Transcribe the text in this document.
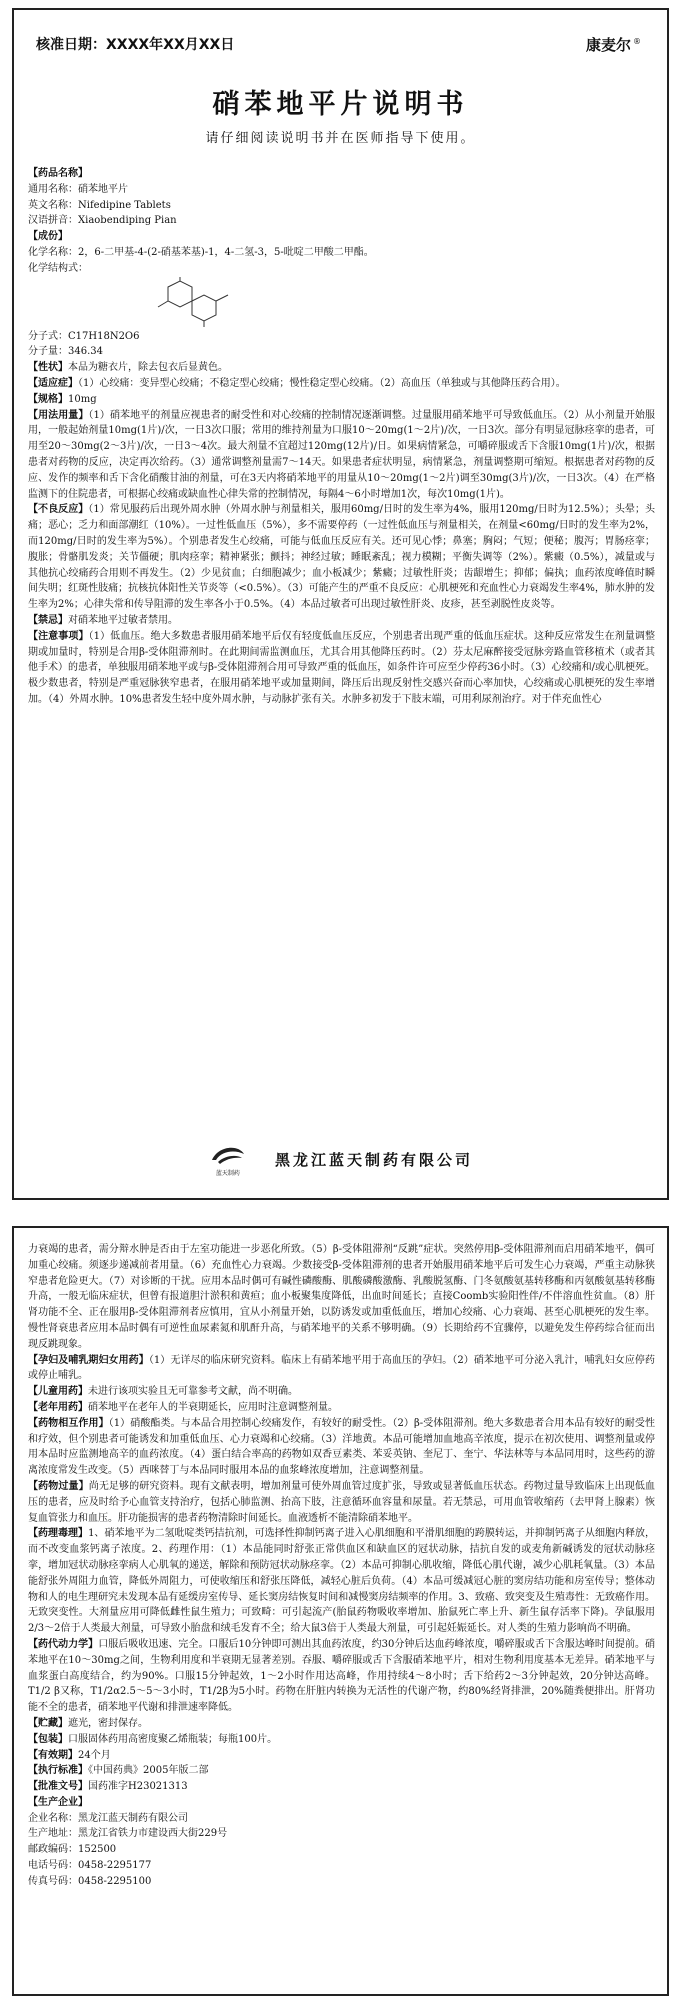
核准日期：XXXX年XX月XX日	康麦尔 ®
硝苯地平片说明书
请仔细阅读说明书并在医师指导下使用。

【药品名称】

通用名称：硝苯地平片

英文名称：Nifedipine Tablets

汉语拼音：Xiaobendiping Pian

【成份】

化学名称：2，6-二甲基-4-(2-硝基苯基)-1，4-二氢-3，5-吡啶二甲酸二甲酯。

化学结构式：

分子式：C17H18N2O6

分子量：346.34

【性状】本品为糖衣片，除去包衣后显黄色。

【适应症】（1）心绞痛：变异型心绞痛；不稳定型心绞痛；慢性稳定型心绞痛。（2）高血压（单独或与其他降压药合用）。

【规格】10mg

【用法用量】（1）硝苯地平的剂量应视患者的耐受性和对心绞痛的控制情况逐渐调整。过量服用硝苯地平可导致低血压。（2）从小剂量开始服用，一般起始剂量10mg(1片)/次，一日3次口服；常用的维持剂量为口服10～20mg(1～2片)/次，一日3次。部分有明显冠脉痉挛的患者，可用至20～30mg(2～3片)/次，一日3～4次。最大剂量不宜超过120mg(12片)/日。如果病情紧急，可嚼碎服或舌下含服10mg(1片)/次，根据患者对药物的反应，决定再次给药。（3）通常调整剂量需7～14天。如果患者症状明显，病情紧急，剂量调整期可缩短。根据患者对药物的反应、发作的频率和舌下含化硝酸甘油的剂量，可在3天内将硝苯地平的用量从10～20mg(1～2片)调至30mg(3片)/次，一日3次。（4）在严格监测下的住院患者，可根据心绞痛或缺血性心律失常的控制情况，每隔4～6小时增加1次，每次10mg(1片)。

【不良反应】（1）常见服药后出现外周水肿（外周水肿与剂量相关，服用60mg/日时的发生率为4%，服用120mg/日时为12.5%）；头晕；头痛；恶心；乏力和面部潮红（10%）。一过性低血压（5%），多不需要停药（一过性低血压与剂量相关，在剂量<60mg/日时的发生率为2%，而120mg/日时的发生率为5%）。个别患者发生心绞痛，可能与低血压反应有关。还可见心悸；鼻塞；胸闷；气短；便秘；腹泻；胃肠痉挛；腹胀；骨骼肌发炎；关节僵硬；肌肉痉挛；精神紧张；颤抖；神经过敏；睡眠紊乱；视力模糊；平衡失调等（2%）。紫癜（0.5%），减量或与其他抗心绞痛药合用则不再发生。（2）少见贫血；白细胞减少；血小板减少；紫癜；过敏性肝炎；齿龈增生；抑郁；偏执；血药浓度峰值时瞬间失明；红斑性肢痛；抗核抗体阳性关节炎等（<0.5%）。（3）可能产生的严重不良反应：心肌梗死和充血性心力衰竭发生率4%，肺水肿的发生率为2%；心律失常和传导阻滞的发生率各小于0.5%。（4）本品过敏者可出现过敏性肝炎、皮疹，甚至剥脱性皮炎等。

【禁忌】对硝苯地平过敏者禁用。

【注意事项】（1）低血压。绝大多数患者服用硝苯地平后仅有轻度低血压反应，个别患者出现严重的低血压症状。这种反应常发生在剂量调整期或加量时，特别是合用β-受体阻滞剂时。在此期间需监测血压，尤其合用其他降压药时。（2）芬太尼麻醉接受冠脉旁路血管移植术（或者其他手术）的患者，单独服用硝苯地平或与β-受体阻滞剂合用可导致严重的低血压，如条件许可应至少停药36小时。（3）心绞痛和/或心肌梗死。极少数患者，特别是严重冠脉狭窄患者，在服用硝苯地平或加量期间，降压后出现反射性交感兴奋而心率加快，心绞痛或心肌梗死的发生率增加。（4）外周水肿。10%患者发生轻中度外周水肿，与动脉扩张有关。水肿多初发于下肢末端，可用利尿剂治疗。对于伴充血性心

蓝天制药
黑龙江蓝天制药有限公司

力衰竭的患者，需分辩水肿是否由于左室功能进一步恶化所致。（5）β-受体阻滞剂“反跳”症状。突然停用β-受体阻滞剂而启用硝苯地平，偶可加重心绞痛。须逐步递减前者用量。（6）充血性心力衰竭。少数接受β-受体阻滞剂的患者开始服用硝苯地平后可发生心力衰竭，严重主动脉狭窄患者危险更大。（7）对诊断的干扰。应用本品时偶可有碱性磷酸酶、肌酸磷酸激酶、乳酸脱氢酶、门冬氨酸氨基转移酶和丙氨酸氨基转移酶升高，一般无临床症状，但曾有报道胆汁淤积和黄疸；血小板聚集度降低，出血时间延长；直接Coomb实验阳性伴/不伴溶血性贫血。（8）肝肾功能不全、正在服用β-受体阻滞剂者应慎用，宜从小剂量开始，以防诱发或加重低血压，增加心绞痛、心力衰竭、甚至心肌梗死的发生率。慢性肾衰患者应用本品时偶有可逆性血尿素氮和肌酐升高，与硝苯地平的关系不够明确。（9）长期给药不宜骤停，以避免发生停药综合征而出现反跳现象。

【孕妇及哺乳期妇女用药】（1）无详尽的临床研究资料。临床上有硝苯地平用于高血压的孕妇。（2）硝苯地平可分泌入乳汁，哺乳妇女应停药或停止哺乳。

【儿童用药】未进行该项实验且无可靠参考文献，尚不明确。

【老年用药】硝苯地平在老年人的半衰期延长，应用时注意调整剂量。

【药物相互作用】（1）硝酸酯类。与本品合用控制心绞痛发作，有较好的耐受性。（2）β-受体阻滞剂。绝大多数患者合用本品有较好的耐受性和疗效，但个别患者可能诱发和加重低血压、心力衰竭和心绞痛。（3）洋地黄。本品可能增加血地高辛浓度，提示在初次使用、调整剂量或停用本品时应监测地高辛的血药浓度。（4）蛋白结合率高的药物如双香豆素类、苯妥英钠、奎尼丁、奎宁、华法林等与本品同用时，这些药的游离浓度常发生改变。（5）西咪替丁与本品同时服用本品的血浆峰浓度增加，注意调整剂量。

【药物过量】尚无足够的研究资料。现有文献表明，增加剂量可使外周血管过度扩张，导致或显著低血压状态。药物过量导致临床上出现低血压的患者，应及时给予心血管支持治疗，包括心肺监测、抬高下肢，注意循环血容量和尿量。若无禁忌，可用血管收缩药（去甲肾上腺素）恢复血管张力和血压。肝功能损害的患者药物清除时间延长。血液透析不能清除硝苯地平。

【药理毒理】1、硝苯地平为二氢吡啶类钙拮抗剂，可选择性抑制钙离子进入心肌细胞和平滑肌细胞的跨膜转运，并抑制钙离子从细胞内释放，而不改变血浆钙离子浓度。2、药理作用：（1）本品能同时舒张正常供血区和缺血区的冠状动脉，拮抗自发的或麦角新碱诱发的冠状动脉痉挛，增加冠状动脉痉挛病人心肌氧的递送，解除和预防冠状动脉痉挛。（2）本品可抑制心肌收缩，降低心肌代谢，减少心肌耗氧量。（3）本品能舒张外周阻力血管，降低外周阻力，可使收缩压和舒张压降低，减轻心脏后负荷。（4）本品可缓减冠心脏的窦房结功能和房室传导；整体动物和人的电生理研究未发现本品有延缓房室传导、延长窦房结恢复时间和减慢窦房结频率的作用。3、致癌、致突变及生殖毒性：无致癌作用。无致突变性。大剂量应用可降低雌性鼠生殖力；可致畸：可引起流产(胎鼠药物吸收率增加、胎鼠死亡率上升、新生鼠存活率下降)。孕鼠服用2/3～2倍于人类最大剂量，可导致小胎盘和绒毛发育不全；给大鼠3倍于人类最大剂量，可引起妊娠延长。对人类的生殖力影响尚不明确。

【药代动力学】口服后吸收迅速、完全。口服后10分钟即可测出其血药浓度，约30分钟后达血药峰浓度，嚼碎服或舌下含服达峰时间提前。硝苯地平在10～30mg之间，生物利用度和半衰期无显著差别。吞服、嚼碎服或舌下含服硝苯地平片，相对生物利用度基本无差异。硝苯地平与血浆蛋白高度结合，约为90%。口服15分钟起效，1～2小时作用达高峰，作用持续4～8小时；舌下给药2～3分钟起效，20分钟达高峰。T1/2 β又称，T1/2α2.5～5～3小时，T1/2β为5小时。药物在肝脏内转换为无活性的代谢产物，约80%经肾排泄，20%随粪便排出。肝肾功能不全的患者，硝苯地平代谢和排泄速率降低。

【贮藏】遮光，密封保存。

【包装】口服固体药用高密度聚乙烯瓶装；每瓶100片。

【有效期】24个月

【执行标准】《中国药典》2005年版二部

【批准文号】国药准字H23021313

【生产企业】

企业名称：黑龙江蓝天制药有限公司

生产地址：黑龙江省铁力市建设西大街229号

邮政编码：152500

电话号码：0458-2295177

传真号码：0458-2295100
